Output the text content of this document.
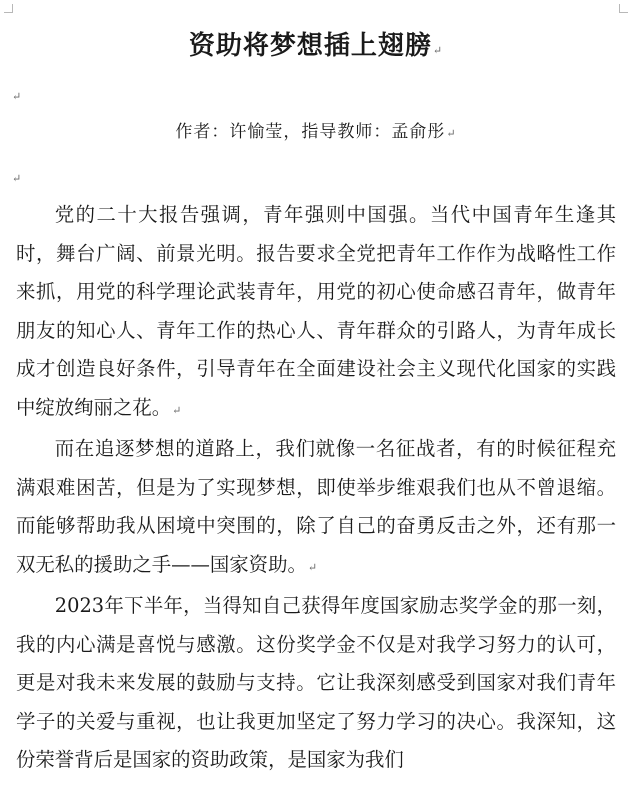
资助将梦想插上翅膀↵
↵
作者：许愉莹，指导教师：孟俞彤↵
↵

党的二十大报告强调，青年强则中国强。当代中国青年生逢其时，舞台广阔、前景光明。报告要求全党把青年工作作为战略性工作来抓，用党的科学理论武装青年，用党的初心使命感召青年，做青年朋友的知心人、青年工作的热心人、青年群众的引路人，为青年成长成才创造良好条件，引导青年在全面建设社会主义现代化国家的实践中绽放绚丽之花。↵

而在追逐梦想的道路上，我们就像一名征战者，有的时候征程充满艰难困苦，但是为了实现梦想，即使举步维艰我们也从不曾退缩。而能够帮助我从困境中突围的，除了自己的奋勇反击之外，还有那一双无私的援助之手——国家资助。↵

2023年下半年，当得知自己获得年度国家励志奖学金的那一刻，我的内心满是喜悦与感激。这份奖学金不仅是对我学习努力的认可，更是对我未来发展的鼓励与支持。它让我深刻感受到国家对我们青年学子的关爱与重视，也让我更加坚定了努力学习的决心。我深知，这份荣誉背后是国家的资助政策，是国家为我们
